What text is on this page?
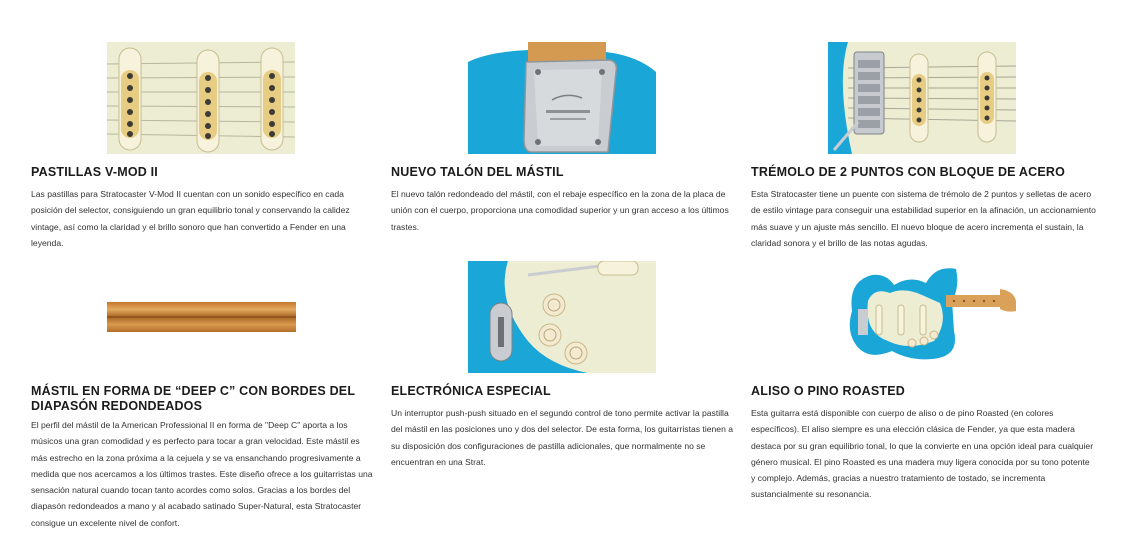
PASTILLAS V-MOD II
Las pastillas para Stratocaster V-Mod II cuentan con un sonido específico en cada posición del selector, consiguiendo un gran equilibrio tonal y conservando la calidez vintage, así como la claridad y el brillo sonoro que han convertido a Fender en una leyenda.
NUEVO TALÓN DEL MÁSTIL
El nuevo talón redondeado del mástil, con el rebaje específico en la zona de la placa de unión con el cuerpo, proporciona una comodidad superior y un gran acceso a los últimos trastes.
TRÉMOLO DE 2 PUNTOS CON BLOQUE DE ACERO
Esta Stratocaster tiene un puente con sistema de trémolo de 2 puntos y selletas de acero de estilo vintage para conseguir una estabilidad superior en la afinación, un accionamiento más suave y un ajuste más sencillo. El nuevo bloque de acero incrementa el sustain, la claridad sonora y el brillo de las notas agudas.
MÁSTIL EN FORMA DE “DEEP C” CON BORDES DEL DIAPASÓN REDONDEADOS
El perfil del mástil de la American Professional II en forma de "Deep C" aporta a los músicos una gran comodidad y es perfecto para tocar a gran velocidad. Este mástil es más estrecho en la zona próxima a la cejuela y se va ensanchando progresivamente a medida que nos acercamos a los últimos trastes. Este diseño ofrece a los guitarristas una sensación natural cuando tocan tanto acordes como solos. Gracias a los bordes del diapasón redondeados a mano y al acabado satinado Super-Natural, esta Stratocaster consigue un excelente nivel de confort.
ELECTRÓNICA ESPECIAL
Un interruptor push-push situado en el segundo control de tono permite activar la pastilla del mástil en las posiciones uno y dos del selector. De esta forma, los guitarristas tienen a su disposición dos configuraciones de pastilla adicionales, que normalmente no se encuentran en una Strat.
ALISO O PINO ROASTED
Esta guitarra está disponible con cuerpo de aliso o de pino Roasted (en colores específicos). El aliso siempre es una elección clásica de Fender, ya que esta madera destaca por su gran equilibrio tonal, lo que la convierte en una opción ideal para cualquier género musical. El pino Roasted es una madera muy ligera conocida por su tono potente y complejo. Además, gracias a nuestro tratamiento de tostado, se incrementa sustancialmente su resonancia.
